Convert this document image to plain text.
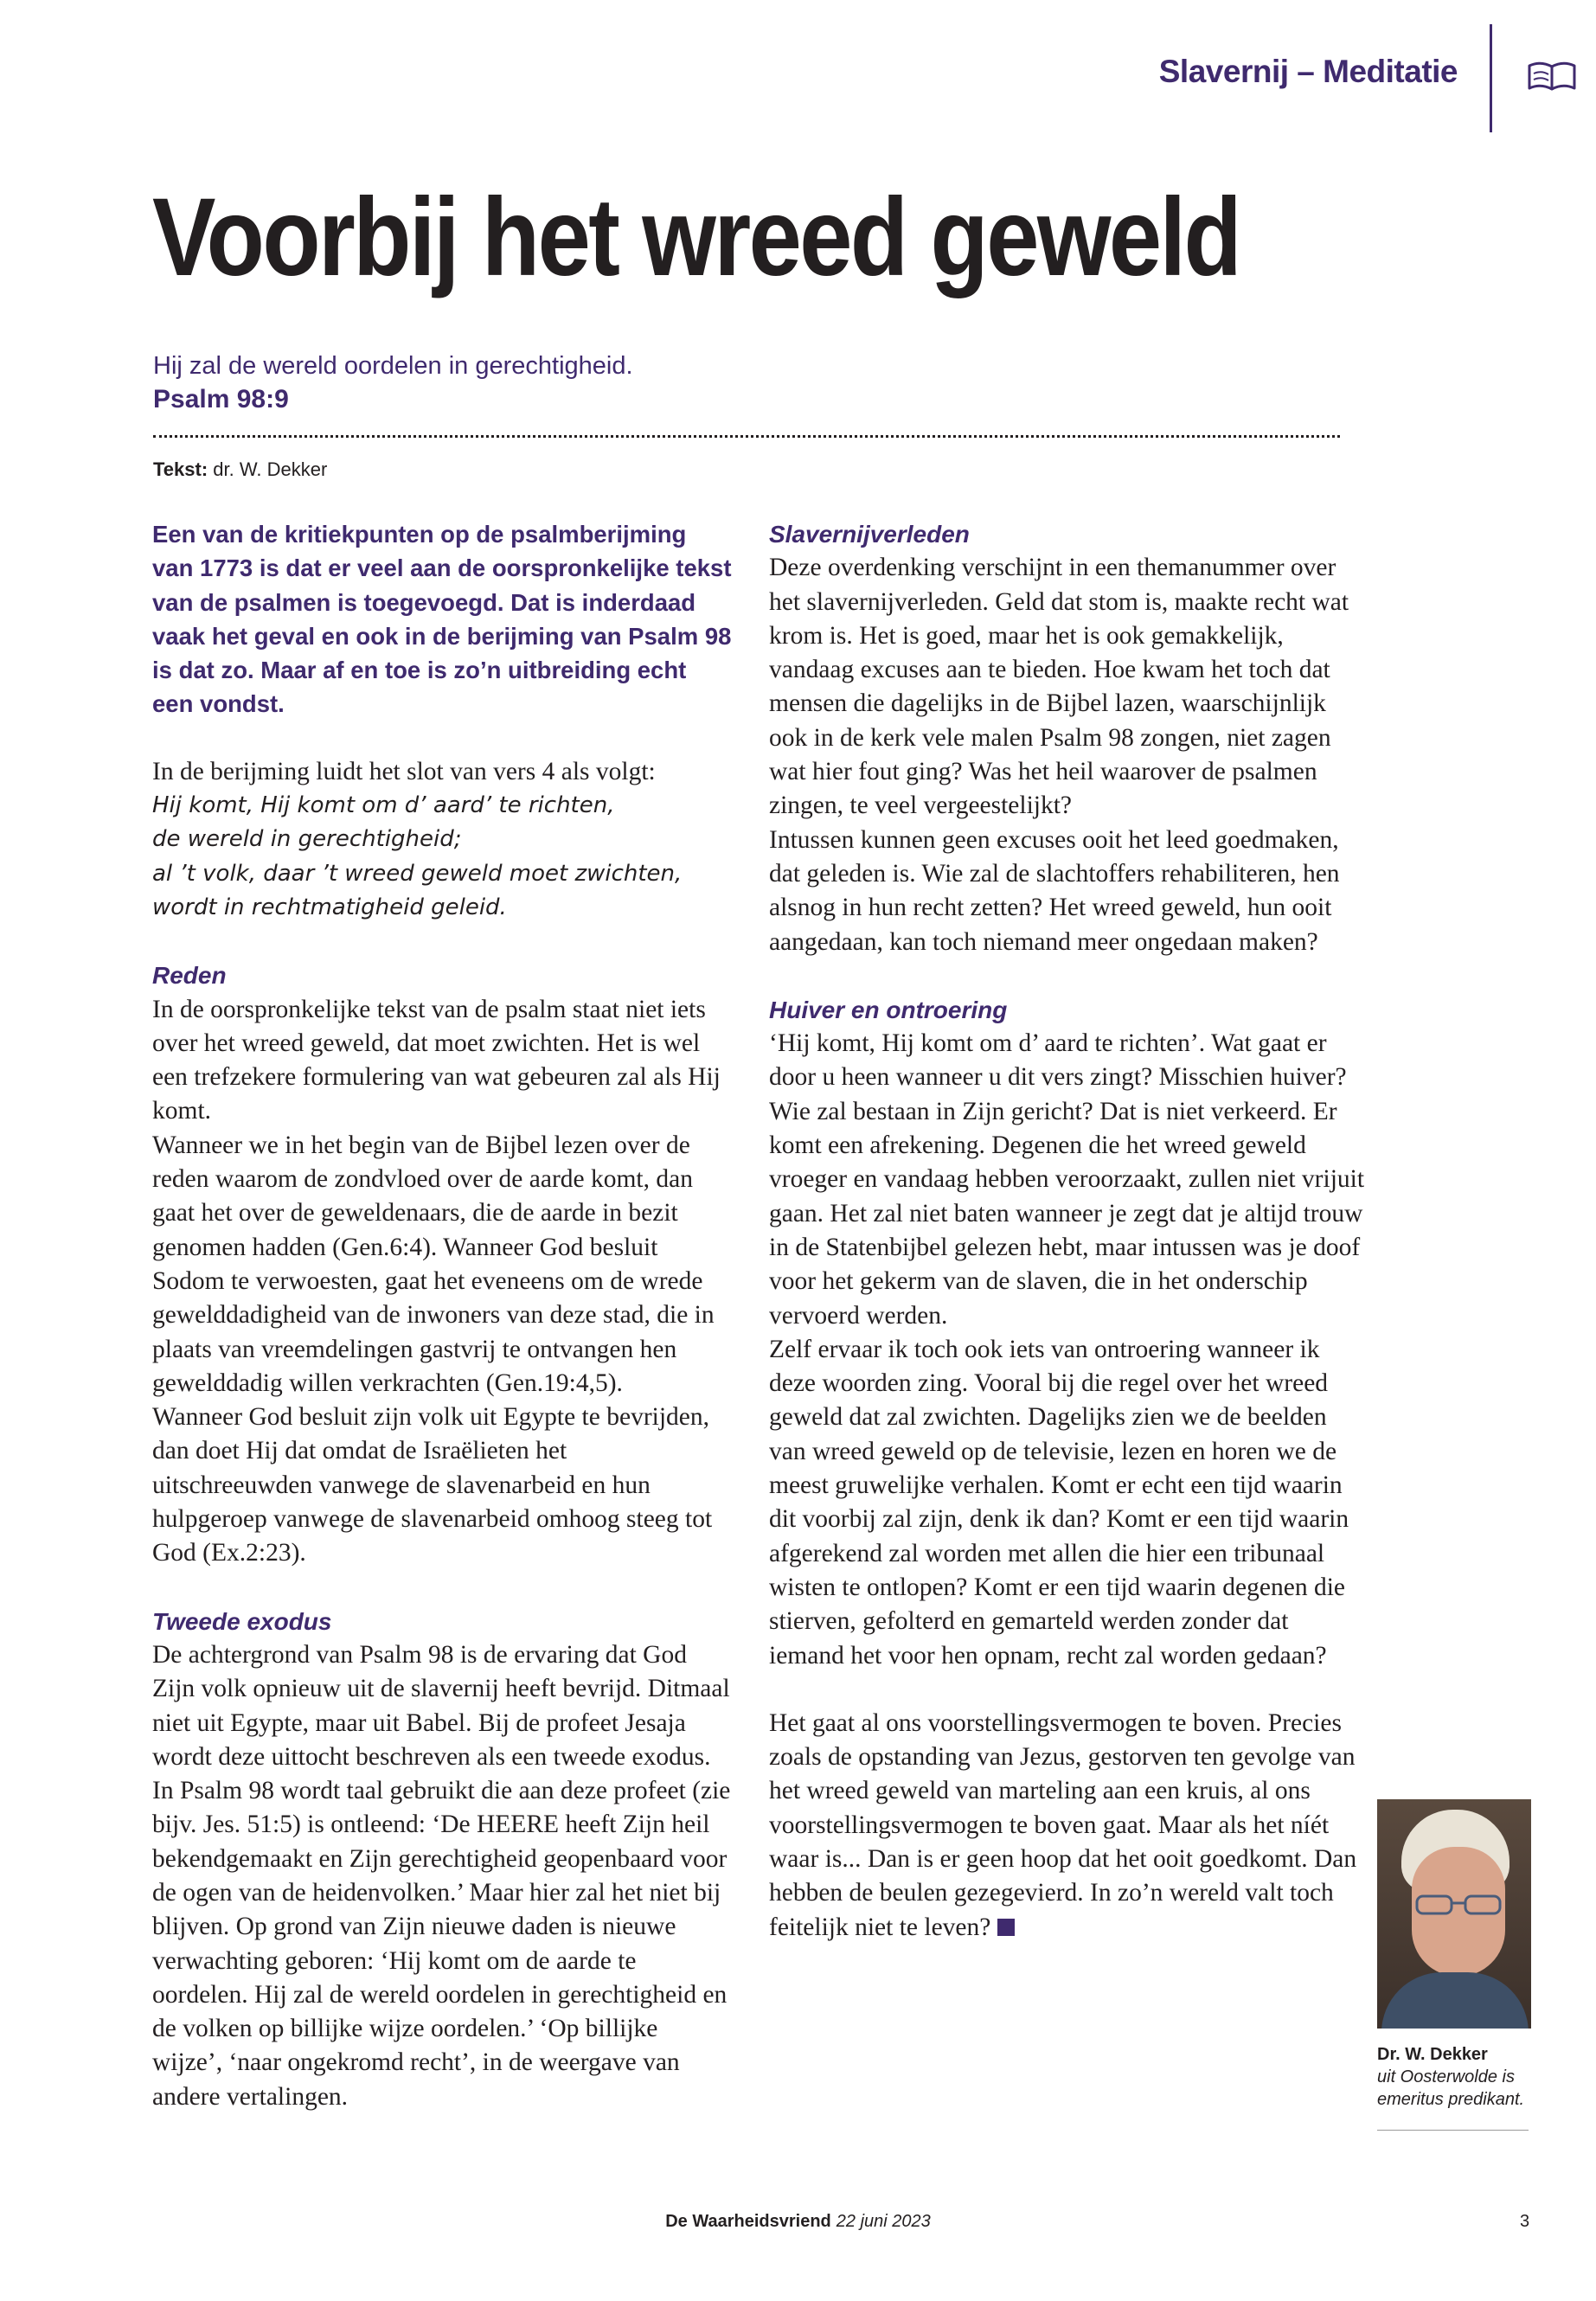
Slavernij – Meditatie
Voorbij het wreed geweld
Hij zal de wereld oordelen in gerechtigheid.
Psalm 98:9
Tekst: dr. W. Dekker

Een van de kritiekpunten op de psalmberijming van 1773 is dat er veel aan de oorspronkelijke tekst van de psalmen is toegevoegd. Dat is inderdaad vaak het geval en ook in de berijming van Psalm 98 is dat zo. Maar af en toe is zo’n uitbreiding echt een vondst.

In de berijming luidt het slot van vers 4 als volgt:

Hij komt, Hij komt om d’ aard’ te richten,

de wereld in gerechtigheid;

al ’t volk, daar ’t wreed geweld moet zwichten,

wordt in rechtmatigheid geleid.

Reden

In de oorspronkelijke tekst van de psalm staat niet iets over het wreed geweld, dat moet zwichten. Het is wel een trefzekere formulering van wat gebeuren zal als Hij komt.

Wanneer we in het begin van de Bijbel lezen over de reden waarom de zondvloed over de aarde komt, dan gaat het over de geweldenaars, die de aarde in bezit genomen hadden (Gen.6:4). Wanneer God besluit Sodom te verwoesten, gaat het eveneens om de wrede gewelddadigheid van de inwoners van deze stad, die in plaats van vreemdelingen gastvrij te ontvangen hen gewelddadig willen verkrachten (Gen.19:4,5).

Wanneer God besluit zijn volk uit Egypte te bevrijden, dan doet Hij dat omdat de Israëlieten het uitschreeuwden vanwege de slavenarbeid en hun hulpgeroep vanwege de slavenarbeid omhoog steeg tot God (Ex.2:23).

Tweede exodus

De achtergrond van Psalm 98 is de ervaring dat God Zijn volk opnieuw uit de slavernij heeft bevrijd. Ditmaal niet uit Egypte, maar uit Babel. Bij de profeet Jesaja wordt deze uittocht beschreven als een tweede exodus. In Psalm 98 wordt taal gebruikt die aan deze profeet (zie bijv. Jes. 51:5) is ontleend: ‘De HEERE heeft Zijn heil bekendgemaakt en Zijn gerechtigheid geopenbaard voor de ogen van de heidenvolken.’ Maar hier zal het niet bij blijven. Op grond van Zijn nieuwe daden is nieuwe verwachting geboren: ‘Hij komt om de aarde te oordelen. Hij zal de wereld oordelen in gerechtigheid en de volken op billijke wijze oordelen.’ ‘Op billijke wijze’, ‘naar ongekromd recht’, in de weergave van andere vertalingen.

Slavernijverleden

Deze overdenking verschijnt in een themanummer over het slavernijverleden. Geld dat stom is, maakte recht wat krom is. Het is goed, maar het is ook gemakkelijk, vandaag excuses aan te bieden. Hoe kwam het toch dat mensen die dagelijks in de Bijbel lazen, waarschijnlijk ook in de kerk vele malen Psalm 98 zongen, niet zagen wat hier fout ging? Was het heil waarover de psalmen zingen, te veel vergeestelijkt?

Intussen kunnen geen excuses ooit het leed goedmaken, dat geleden is. Wie zal de slachtoffers rehabiliteren, hen alsnog in hun recht zetten? Het wreed geweld, hun ooit aangedaan, kan toch niemand meer ongedaan maken?

Huiver en ontroering

‘Hij komt, Hij komt om d’ aard te richten’. Wat gaat er door u heen wanneer u dit vers zingt? Misschien huiver? Wie zal bestaan in Zijn gericht? Dat is niet verkeerd. Er komt een afrekening. Degenen die het wreed geweld vroeger en vandaag hebben veroorzaakt, zullen niet vrijuit gaan. Het zal niet baten wanneer je zegt dat je altijd trouw in de Statenbijbel gelezen hebt, maar intussen was je doof voor het gekerm van de slaven, die in het onderschip vervoerd werden.

Zelf ervaar ik toch ook iets van ontroering wanneer ik deze woorden zing. Vooral bij die regel over het wreed geweld dat zal zwichten. Dagelijks zien we de beelden van wreed geweld op de televisie, lezen en horen we de meest gruwelijke verhalen. Komt er echt een tijd waarin dit voorbij zal zijn, denk ik dan? Komt er een tijd waarin afgerekend zal worden met allen die hier een tribunaal wisten te ontlopen? Komt er een tijd waarin degenen die stierven, gefolterd en gemarteld werden zonder dat iemand het voor hen opnam, recht zal worden gedaan?

Het gaat al ons voorstellingsvermogen te boven. Precies zoals de opstanding van Jezus, gestorven ten gevolge van het wreed geweld van marteling aan een kruis, al ons voorstellingsvermogen te boven gaat. Maar als het níét waar is... Dan is er geen hoop dat het ooit goedkomt. Dan hebben de beulen gezegevierd. In zo’n wereld valt toch feitelijk niet te leven?

Dr. W. Dekker
uit Oosterwolde is emeritus predikant.
De Waarheidsvriend 22 juni 2023	3
